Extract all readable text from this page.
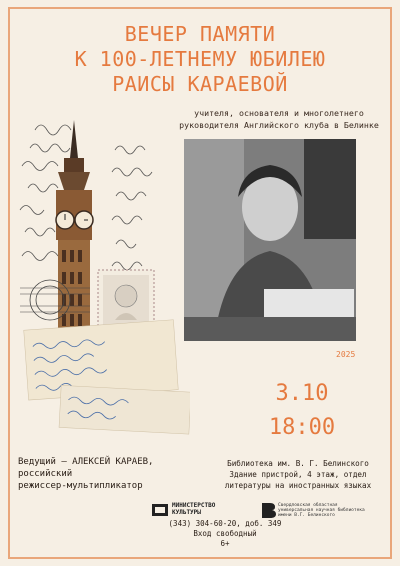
ВЕЧЕР ПАМЯТИ
К 100-ЛЕТНЕМУ ЮБИЛЕЮ
РАИСЫ КАРАЕВОЙ
учителя, основателя и многолетнего
руководителя Английского клуба в Белинке
2025
3.10
18:00
Ведущий — АЛЕКСЕЙ КАРАЕВ,
российский
режиссер-мультипликатор
Библиотека им. В. Г. Белинского
Здание пристрой, 4 этаж, отдел
литературы на иностранных языках
МИНИСТЕРСТВО
КУЛЬТУРЫ
Свердловская областная
универсальная научная библиотека
имени В.Г. Белинского
(343) 304-60-20, доб. 349
Вход свободный
6+
